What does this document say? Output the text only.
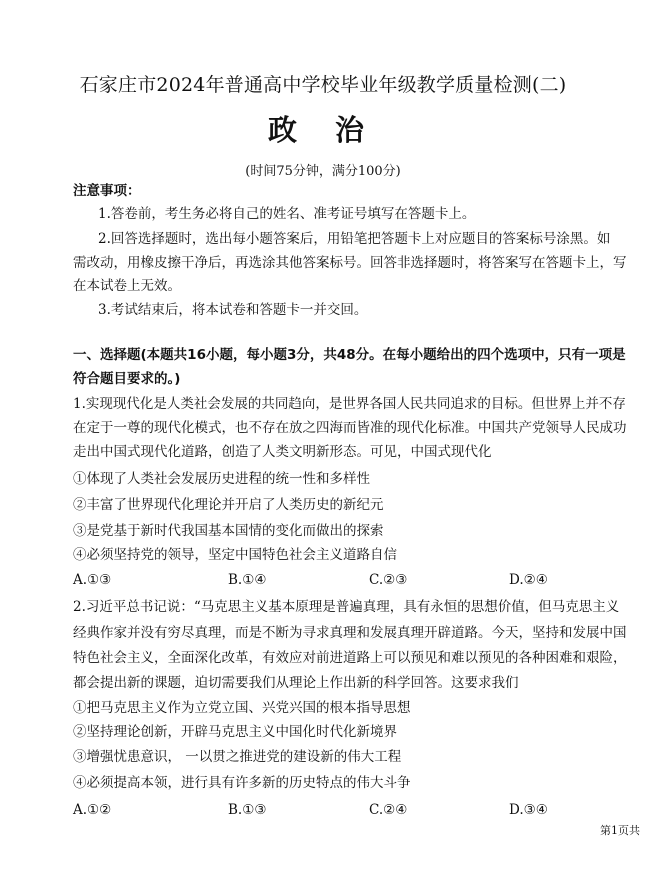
石家庄市2024年普通高中学校毕业年级教学质量检测(二)
政 治
(时间75分钟，满分100分)
注意事项：
1.答卷前，考生务必将自己的姓名、准考证号填写在答题卡上。
2.回答选择题时，选出每小题答案后，用铅笔把答题卡上对应题目的答案标号涂黑。如
需改动，用橡皮擦干净后，再选涂其他答案标号。回答非选择题时，将答案写在答题卡上，写
在本试卷上无效。
3.考试结束后，将本试卷和答题卡一并交回。
一、选择题(本题共16小题，每小题3分，共48分。在每小题给出的四个选项中，只有一项是
符合题目要求的。)
1.实现现代化是人类社会发展的共同趋向，是世界各国人民共同追求的目标。但世界上并不存
在定于一尊的现代化模式，也不存在放之四海而皆准的现代化标准。中国共产党领导人民成功
走出中国式现代化道路，创造了人类文明新形态。可见，中国式现代化
①体现了人类社会发展历史进程的统一性和多样性
②丰富了世界现代化理论并开启了人类历史的新纪元
③是党基于新时代我国基本国情的变化而做出的探索
④必须坚持党的领导，坚定中国特色社会主义道路自信
A.①③	B.①④	C.②③	D.②④
2.习近平总书记说：“马克思主义基本原理是普遍真理，具有永恒的思想价值，但马克思主义
经典作家并没有穷尽真理，而是不断为寻求真理和发展真理开辟道路。今天，坚持和发展中国
特色社会主义，全面深化改革，有效应对前进道路上可以预见和难以预见的各种困难和艰险，
都会提出新的课题，迫切需要我们从理论上作出新的科学回答。这要求我们
①把马克思主义作为立党立国、兴党兴国的根本指导思想
②坚持理论创新，开辟马克思主义中国化时代化新境界
③增强忧患意识， 一以贯之推进党的建设新的伟大工程
④必须提高本领，进行具有许多新的历史特点的伟大斗争
A.①②	B.①③	C.②④	D.③④
第1页共
